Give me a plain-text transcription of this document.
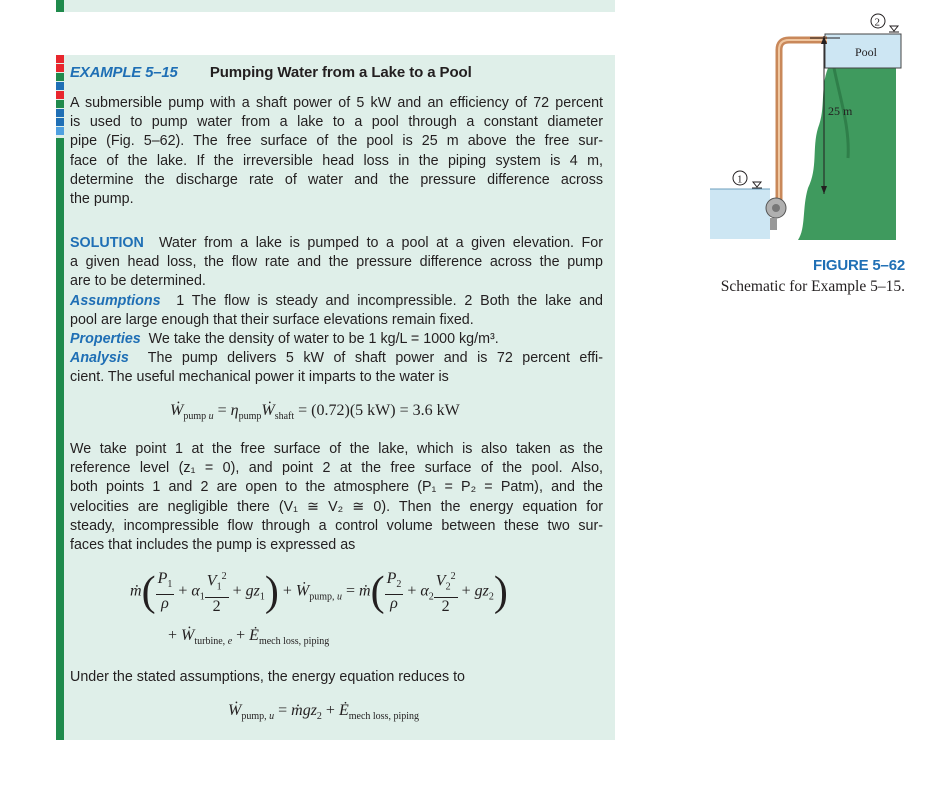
EXAMPLE 5–15 Pumping Water from a Lake to a Pool
A submersible pump with a shaft power of 5 kW and an efficiency of 72 percent
is used to pump water from a lake to a pool through a constant diameter
pipe (Fig. 5–62). The free surface of the pool is 25 m above the free sur-
face of the lake. If the irreversible head loss in the piping system is 4 m,
determine the discharge rate of water and the pressure difference across
the pump.
SOLUTION Water from a lake is pumped to a pool at a given elevation. For
a given head loss, the flow rate and the pressure difference across the pump
are to be determined.
Assumptions 1 The flow is steady and incompressible. 2 Both the lake and
pool are large enough that their surface elevations remain fixed.
Properties We take the density of water to be 1 kg/L = 1000 kg/m³.
Analysis The pump delivers 5 kW of shaft power and is 72 percent effi-
cient. The useful mechanical power it imparts to the water is
Ẇ$_{pump u}$ = $\eta_{pump}Ẇ_{shaft} = (0.72)(5$ kW) = 3.6 kW
We take point 1 at the free surface of the lake, which is also taken as the
reference level (z₁ = 0), and point 2 at the free surface of the pool. Also,
both points 1 and 2 are open to the atmosphere (P₁ = P₂ = Patm), and the
velocities are negligible there (V₁ ≅ V₂ ≅ 0). Then the energy equation for
steady, incompressible flow through a control volume between these two sur-
faces that includes the pump is expressed as
ṁ( $\frac{P_1}{\rho} + \alpha_1 \frac{V_1^2}{2} + gz_1$) + Ẇ$_{pump, u}$ = ṁ( $\frac{P_2}{\rho} + \alpha_2 \frac{V_2^2}{2} + gz_2$)
+ Ẇ$_{turbine, e}$ + $Ė_{mech loss, piping}$
Under the stated assumptions, the energy equation reduces to
Ẇ$_{pump, u}$ = ṁgz$_2$ + $Ė_{mech loss, piping}$
Pool
25 m
2
1
FIGURE 5–62
Schematic for Example 5–15.
